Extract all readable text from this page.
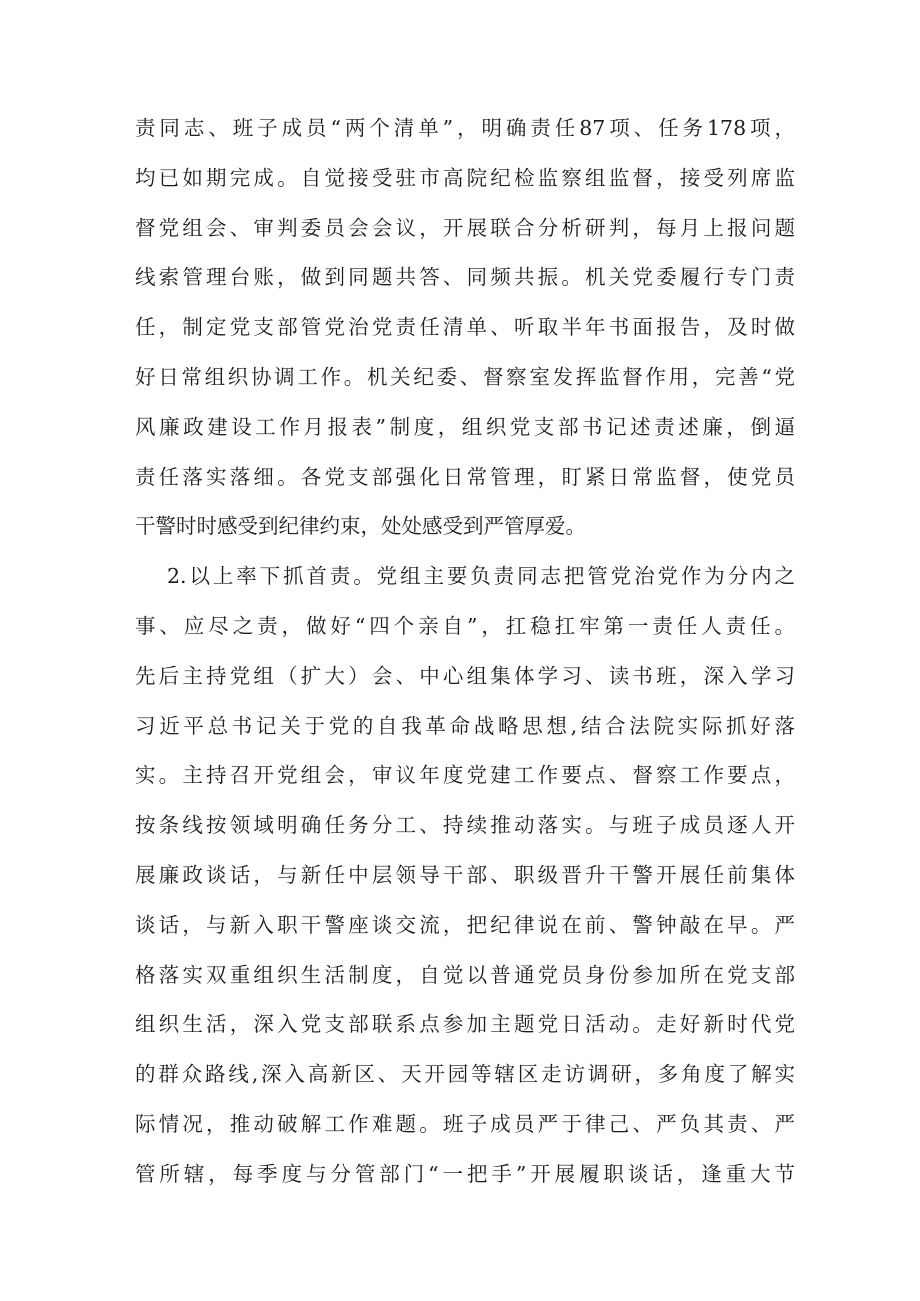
责同志、班子成员“两个清单”，明确责任87项、任务178项，
均已如期完成。自觉接受驻市高院纪检监察组监督，接受列席监
督党组会、审判委员会会议，开展联合分析研判，每月上报问题
线索管理台账，做到同题共答、同频共振。机关党委履行专门责
任，制定党支部管党治党责任清单、听取半年书面报告，及时做
好日常组织协调工作。机关纪委、督察室发挥监督作用，完善“党
风廉政建设工作月报表”制度，组织党支部书记述责述廉，倒逼
责任落实落细。各党支部强化日常管理，盯紧日常监督，使党员
干警时时感受到纪律约束，处处感受到严管厚爱。
2.以上率下抓首责。党组主要负责同志把管党治党作为分内之
事、应尽之责，做好“四个亲自”，扛稳扛牢第一责任人责任。
先后主持党组（扩大）会、中心组集体学习、读书班，深入学习
习近平总书记关于党的自我革命战略思想,结合法院实际抓好落
实。主持召开党组会，审议年度党建工作要点、督察工作要点，
按条线按领域明确任务分工、持续推动落实。与班子成员逐人开
展廉政谈话，与新任中层领导干部、职级晋升干警开展任前集体
谈话，与新入职干警座谈交流，把纪律说在前、警钟敲在早。严
格落实双重组织生活制度，自觉以普通党员身份参加所在党支部
组织生活，深入党支部联系点参加主题党日活动。走好新时代党
的群众路线,深入高新区、天开园等辖区走访调研，多角度了解实
际情况，推动破解工作难题。班子成员严于律己、严负其责、严
管所辖，每季度与分管部门“一把手”开展履职谈话，逢重大节
